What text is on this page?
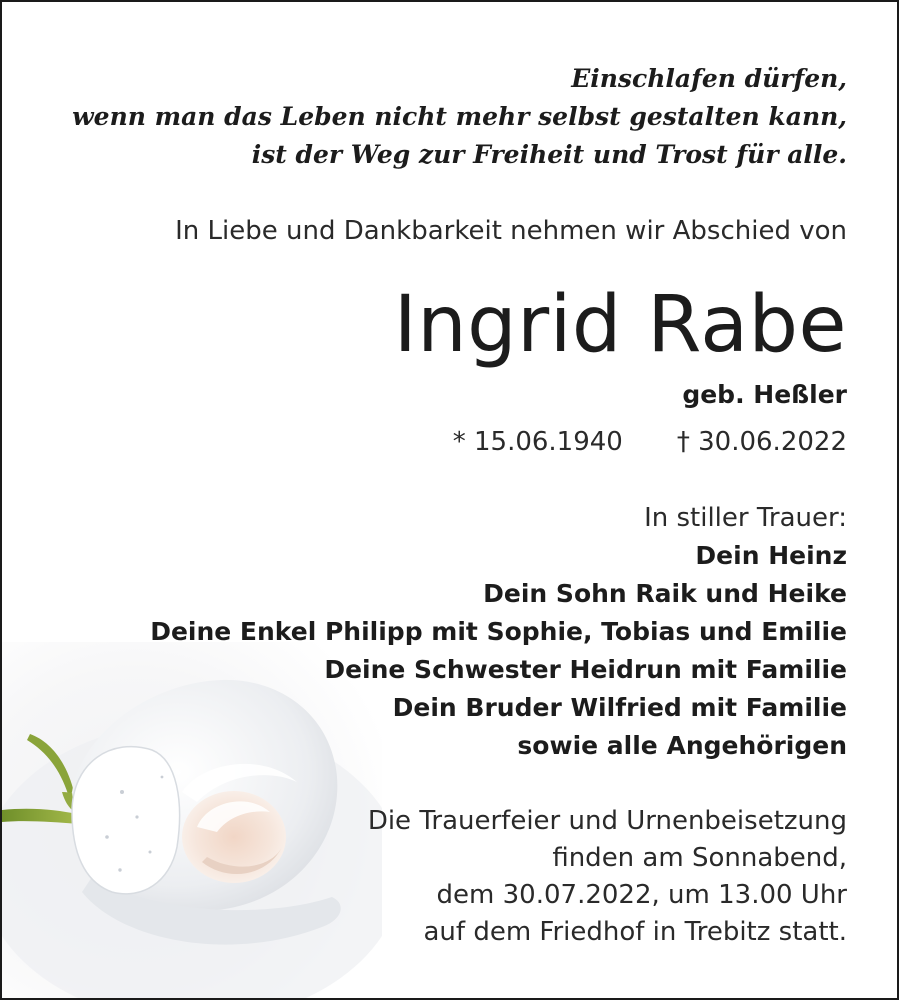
Einschlafen dürfen,
wenn man das Leben nicht mehr selbst gestalten kann,
ist der Weg zur Freiheit und Trost für alle.

In Liebe und Dankbarkeit nehmen wir Abschied von

Ingrid Rabe

geb. Heßler

* 15.06.1940 † 30.06.2022

In stiller Trauer:
Dein Heinz
Dein Sohn Raik und Heike
Deine Enkel Philipp mit Sophie, Tobias und Emilie
Deine Schwester Heidrun mit Familie
Dein Bruder Wilfried mit Familie
sowie alle Angehörigen

Die Trauerfeier und Urnenbeisetzung
finden am Sonnabend,
dem 30.07.2022, um 13.00 Uhr
auf dem Friedhof in Trebitz statt.
